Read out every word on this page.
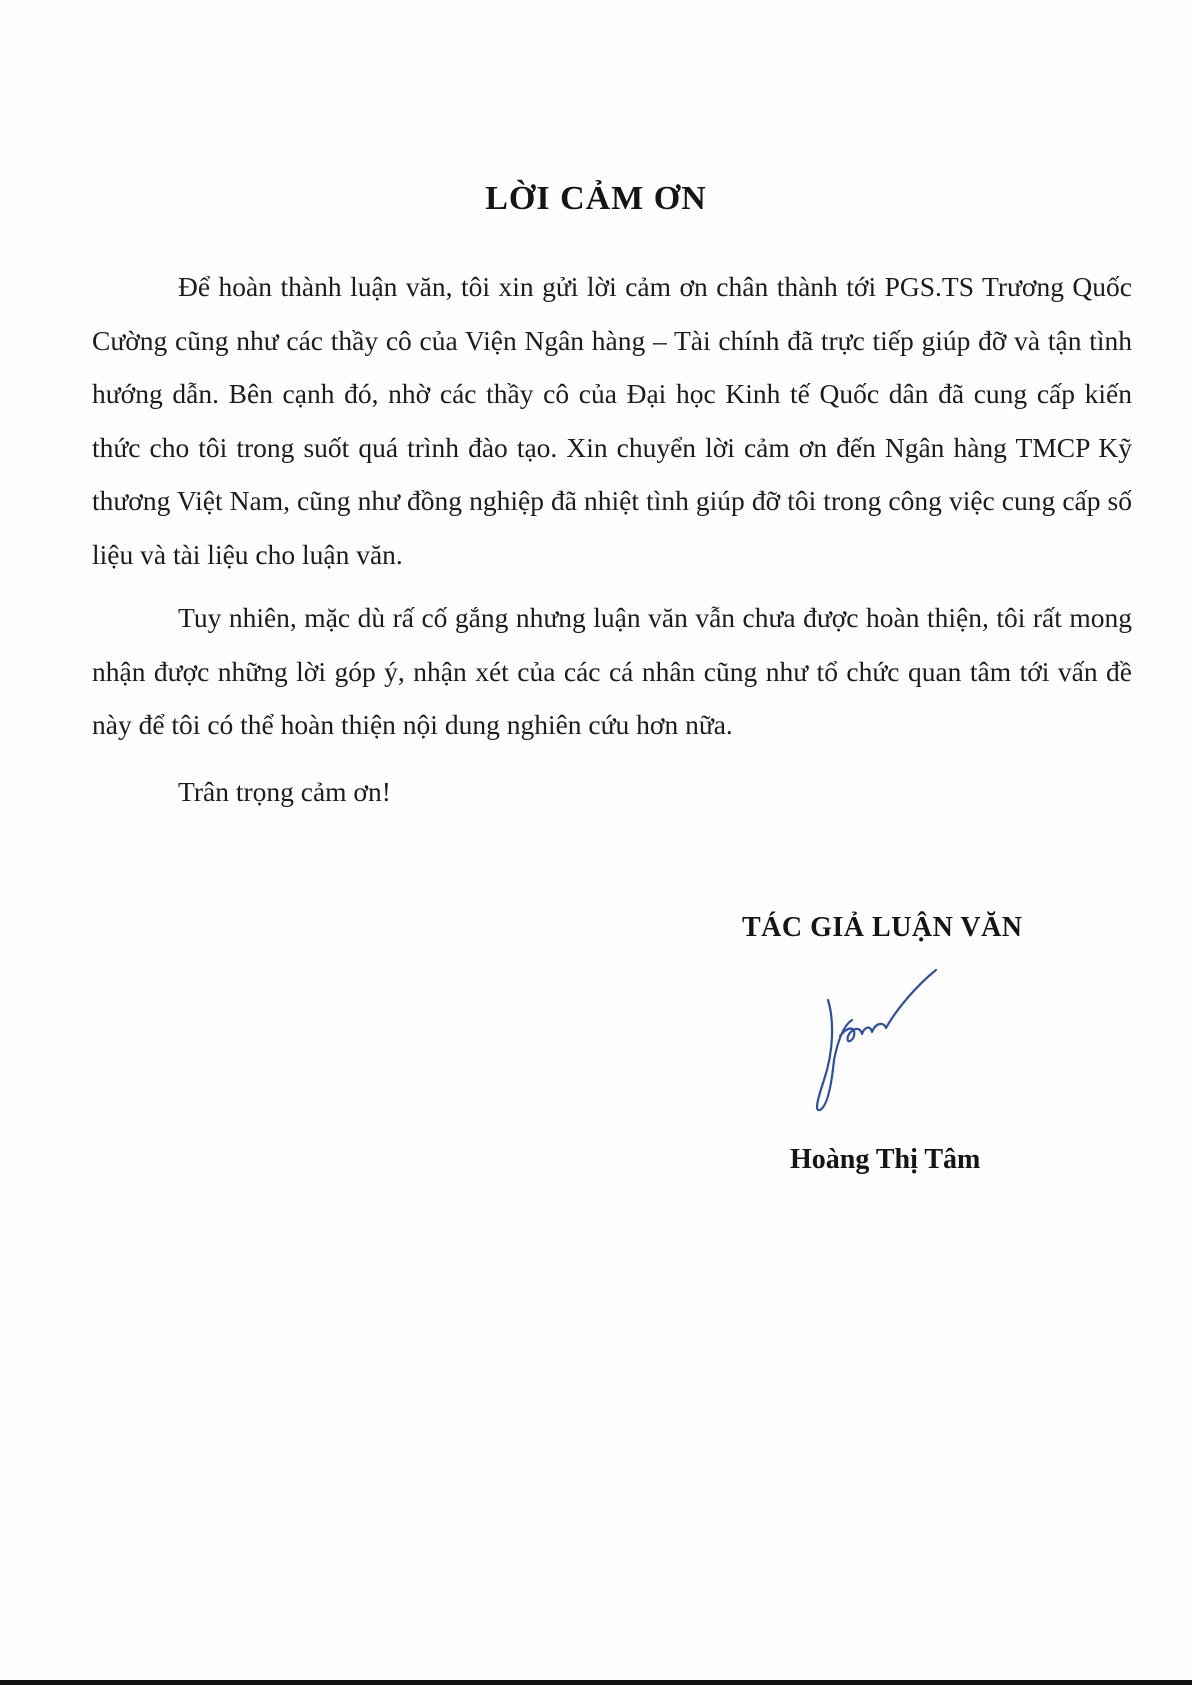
LỜI CẢM ƠN

Để hoàn thành luận văn, tôi xin gửi lời cảm ơn chân thành tới PGS.TS Trương Quốc Cường cũng như các thầy cô của Viện Ngân hàng – Tài chính đã trực tiếp giúp đỡ và tận tình hướng dẫn. Bên cạnh đó, nhờ các thầy cô của Đại học Kinh tế Quốc dân đã cung cấp kiến thức cho tôi trong suốt quá trình đào tạo. Xin chuyển lời cảm ơn đến Ngân hàng TMCP Kỹ thương Việt Nam, cũng như đồng nghiệp đã nhiệt tình giúp đỡ tôi trong công việc cung cấp số liệu và tài liệu cho luận văn.

Tuy nhiên, mặc dù rấ cố gắng nhưng luận văn vẫn chưa được hoàn thiện, tôi rất mong nhận được những lời góp ý, nhận xét của các cá nhân cũng như tổ chức quan tâm tới vấn đề này để tôi có thể hoàn thiện nội dung nghiên cứu hơn nữa.

Trân trọng cảm ơn!
TÁC GIẢ LUẬN VĂN
Hoàng Thị Tâm
